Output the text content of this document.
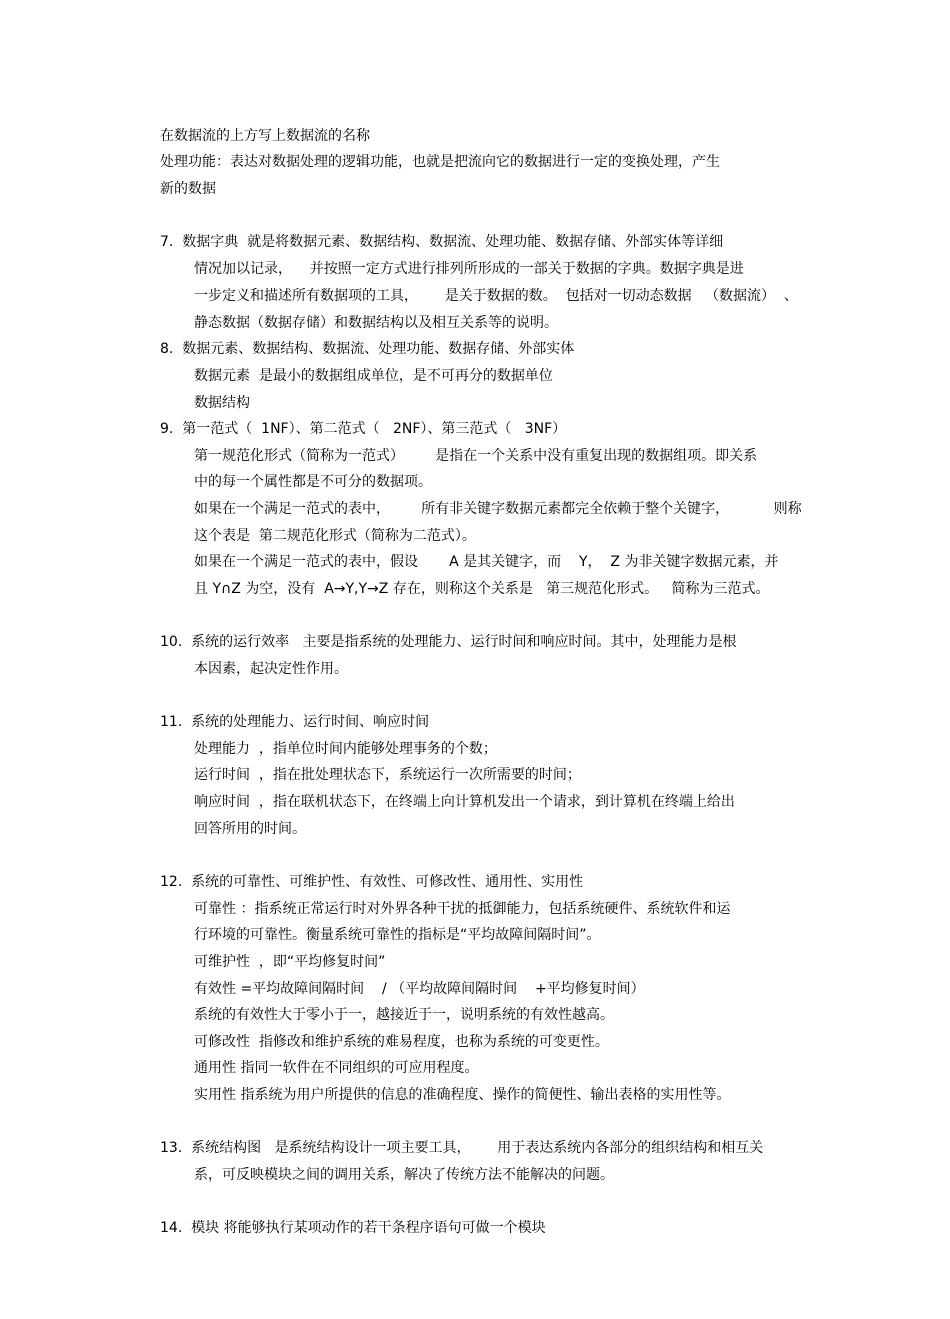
在数据流的上方写上数据流的名称
处理功能：表达对数据处理的逻辑功能，也就是把流向它的数据进行一定的变换处理，产生
新的数据
7.  数据字典  就是将数据元素、数据结构、数据流、处理功能、数据存储、外部实体等详细
情况加以记录，    并按照一定方式进行排列所形成的一部关于数据的字典。数据字典是进
一步定义和描述所有数据项的工具，      是关于数据的数。  包括对一切动态数据   （数据流）  、
静态数据（数据存储）和数据结构以及相互关系等的说明。
8.  数据元素、数据结构、数据流、处理功能、数据存储、外部实体
数据元素  是最小的数据组成单位，是不可再分的数据单位
数据结构
9.  第一范式（  1NF）、第二范式（   2NF）、第三范式（   3NF）
第一规范化形式（简称为一范式）       是指在一个关系中没有重复出现的数据组项。即关系
中的每一个属性都是不可分的数据项。
如果在一个满足一范式的表中，       所有非关键字数据元素都完全依赖于整个关键字，          则称
这个表是  第二规范化形式（简称为二范式）。
如果在一个满足一范式的表中，假设       A 是其关键字，而    Y，  Z 为非关键字数据元素，并
且 Y∩Z 为空，没有  A→Y,Y→Z 存在，则称这个关系是   第三规范化形式。   简称为三范式。
10.  系统的运行效率   主要是指系统的处理能力、运行时间和响应时间。其中，处理能力是根
本因素，起决定性作用。
11.  系统的处理能力、运行时间、响应时间
处理能力  ，指单位时间内能够处理事务的个数；
运行时间  ，指在批处理状态下，系统运行一次所需要的时间；
响应时间  ，指在联机状态下，在终端上向计算机发出一个请求，到计算机在终端上给出
回答所用的时间。
12.  系统的可靠性、可维护性、有效性、可修改性、通用性、实用性
可靠性 ：指系统正常运行时对外界各种干扰的抵御能力，包括系统硬件、系统软件和运
行环境的可靠性。衡量系统可靠性的指标是“平均故障间隔时间”。
可维护性  ，即“平均修复时间”
有效性 =平均故障间隔时间    / （平均故障间隔时间    +平均修复时间）
系统的有效性大于零小于一，越接近于一，说明系统的有效性越高。
可修改性  指修改和维护系统的难易程度，也称为系统的可变更性。
通用性 指同一软件在不同组织的可应用程度。
实用性 指系统为用户所提供的信息的准确程度、操作的简便性、输出表格的实用性等。
13.  系统结构图   是系统结构设计一项主要工具，      用于表达系统内各部分的组织结构和相互关
系，可反映模块之间的调用关系，解决了传统方法不能解决的问题。
14.  模块 将能够执行某项动作的若干条程序语句可做一个模块
